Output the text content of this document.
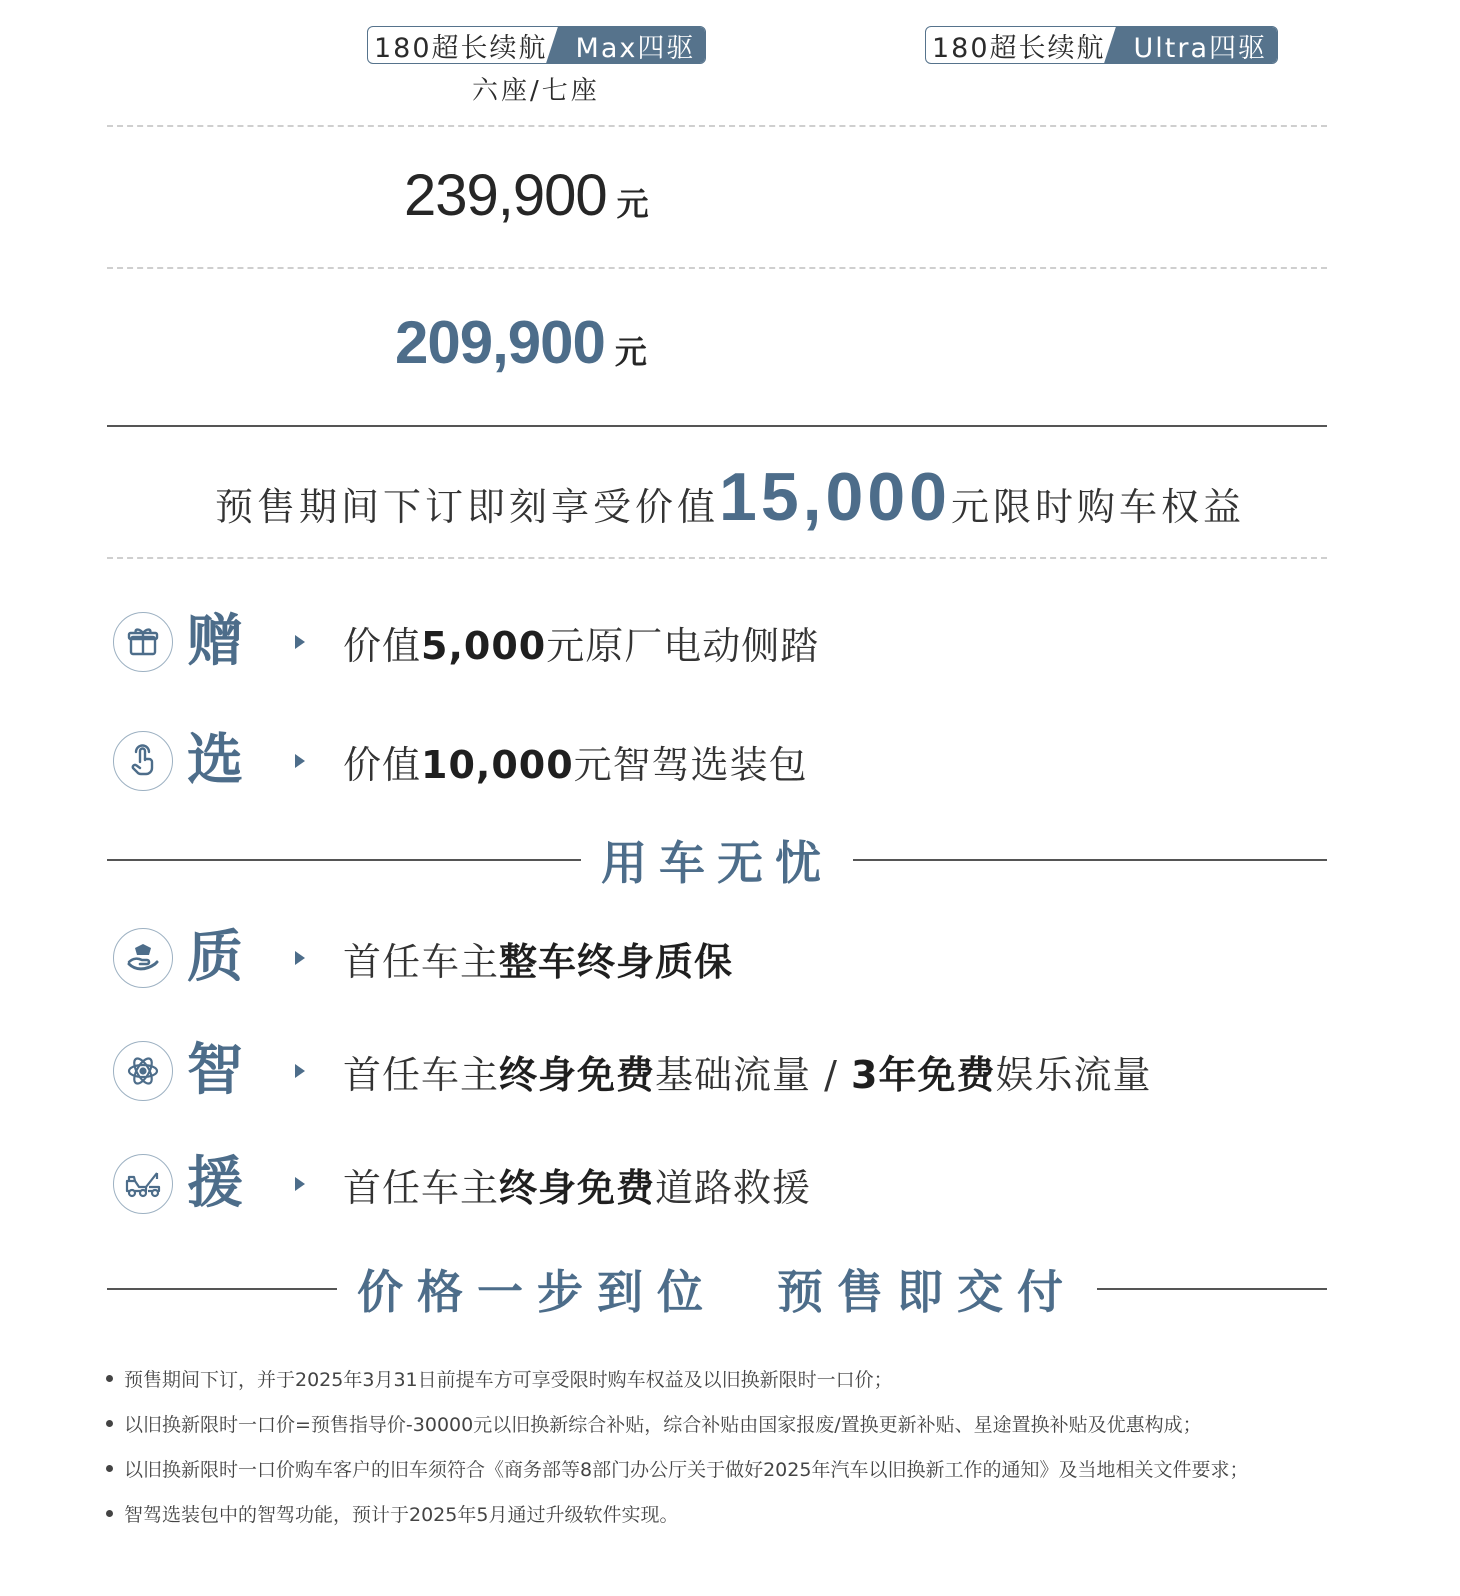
180超长续航 Max四驱
六座/七座
180超长续航 Ultra四驱
239,900 元
209,900 元
预售期间下订即刻享受价值15,000元限时购车权益
赠	价值5,000元原厂电动侧踏
选	价值10,000元智驾选装包
用车无忧
质	首任车主整车终身质保
智	首任车主终身免费基础流量 / 3年免费娱乐流量
援	首任车主终身免费道路救援
价格一步到位  预售即交付
预售期间下订，并于2025年3月31日前提车方可享受限时购车权益及以旧换新限时一口价；
以旧换新限时一口价=预售指导价-30000元以旧换新综合补贴，综合补贴由国家报废/置换更新补贴、星途置换补贴及优惠构成；
以旧换新限时一口价购车客户的旧车须符合《商务部等8部门办公厅关于做好2025年汽车以旧换新工作的通知》及当地相关文件要求；
智驾选装包中的智驾功能，预计于2025年5月通过升级软件实现。
